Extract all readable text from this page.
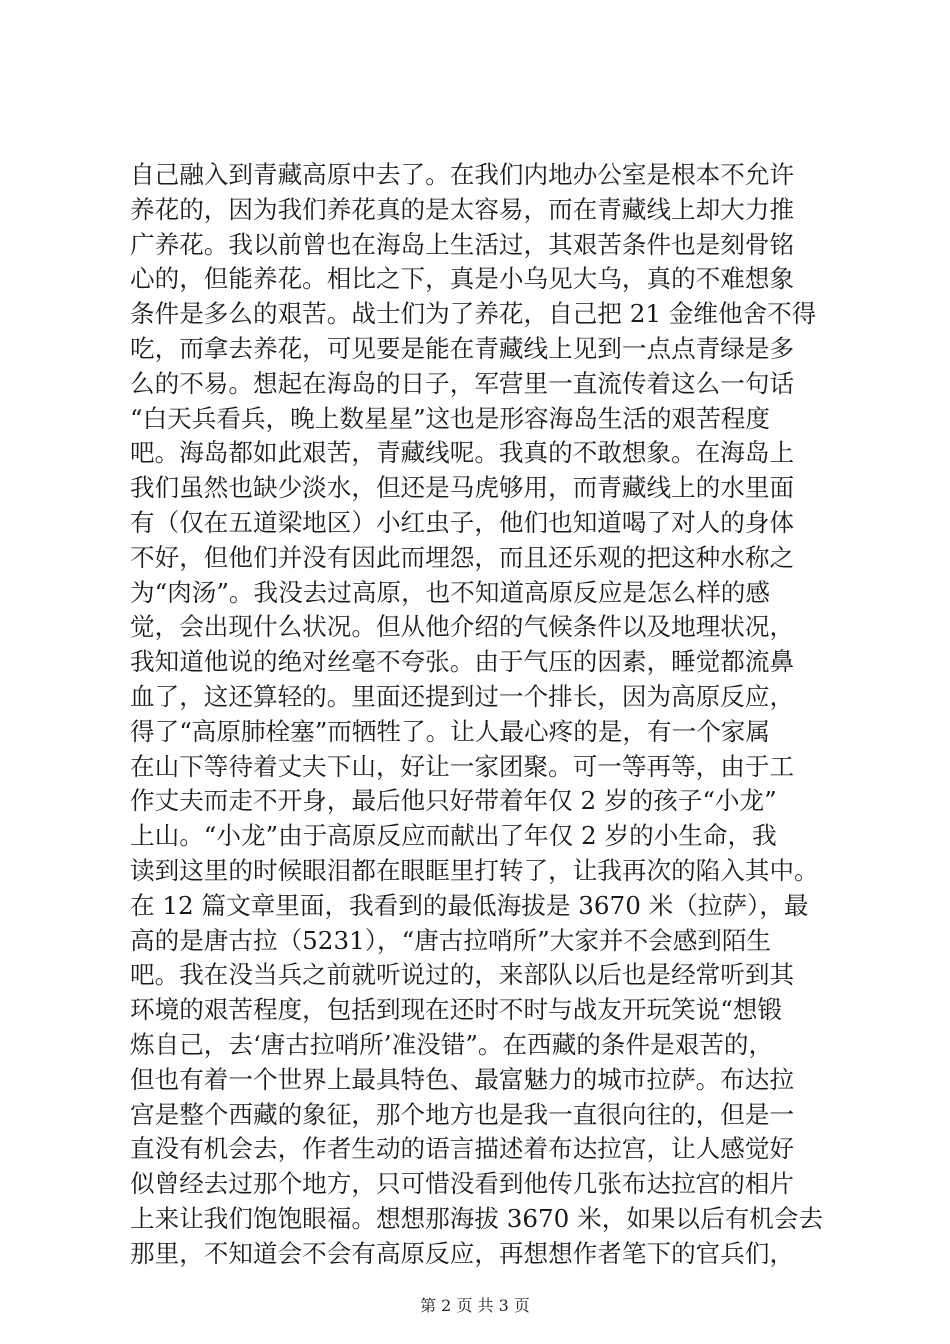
自己融入到青藏高原中去了。在我们内地办公室是根本不允许
养花的，因为我们养花真的是太容易，而在青藏线上却大力推
广养花。我以前曾也在海岛上生活过，其艰苦条件也是刻骨铭
心的，但能养花。相比之下，真是小乌见大乌，真的不难想象
条件是多么的艰苦。战士们为了养花，自己把 21 金维他舍不得
吃，而拿去养花，可见要是能在青藏线上见到一点点青绿是多
么的不易。想起在海岛的日子，军营里一直流传着这么一句话
“白天兵看兵，晚上数星星”这也是形容海岛生活的艰苦程度
吧。海岛都如此艰苦，青藏线呢。我真的不敢想象。在海岛上
我们虽然也缺少淡水，但还是马虎够用，而青藏线上的水里面
有（仅在五道梁地区）小红虫子，他们也知道喝了对人的身体
不好，但他们并没有因此而埋怨，而且还乐观的把这种水称之
为“肉汤”。我没去过高原，也不知道高原反应是怎么样的感
觉，会出现什么状况。但从他介绍的气候条件以及地理状况，
我知道他说的绝对丝毫不夸张。由于气压的因素，睡觉都流鼻
血了，这还算轻的。里面还提到过一个排长，因为高原反应，
得了“高原肺栓塞”而牺牲了。让人最心疼的是，有一个家属
在山下等待着丈夫下山，好让一家团聚。可一等再等，由于工
作丈夫而走不开身，最后他只好带着年仅 2 岁的孩子“小龙”
上山。“小龙”由于高原反应而献出了年仅 2 岁的小生命，我
读到这里的时候眼泪都在眼眶里打转了，让我再次的陷入其中。
在 12 篇文章里面，我看到的最低海拔是 3670 米（拉萨），最
高的是唐古拉（5231），“唐古拉哨所”大家并不会感到陌生
吧。我在没当兵之前就听说过的，来部队以后也是经常听到其
环境的艰苦程度，包括到现在还时不时与战友开玩笑说“想锻
炼自己，去‘唐古拉哨所’准没错”。在西藏的条件是艰苦的，
但也有着一个世界上最具特色、最富魅力的城市拉萨。布达拉
宫是整个西藏的象征，那个地方也是我一直很向往的，但是一
直没有机会去，作者生动的语言描述着布达拉宫，让人感觉好
似曾经去过那个地方，只可惜没看到他传几张布达拉宫的相片
上来让我们饱饱眼福。想想那海拔 3670 米，如果以后有机会去
那里，不知道会不会有高原反应，再想想作者笔下的官兵们，
第 2 页 共 3 页
